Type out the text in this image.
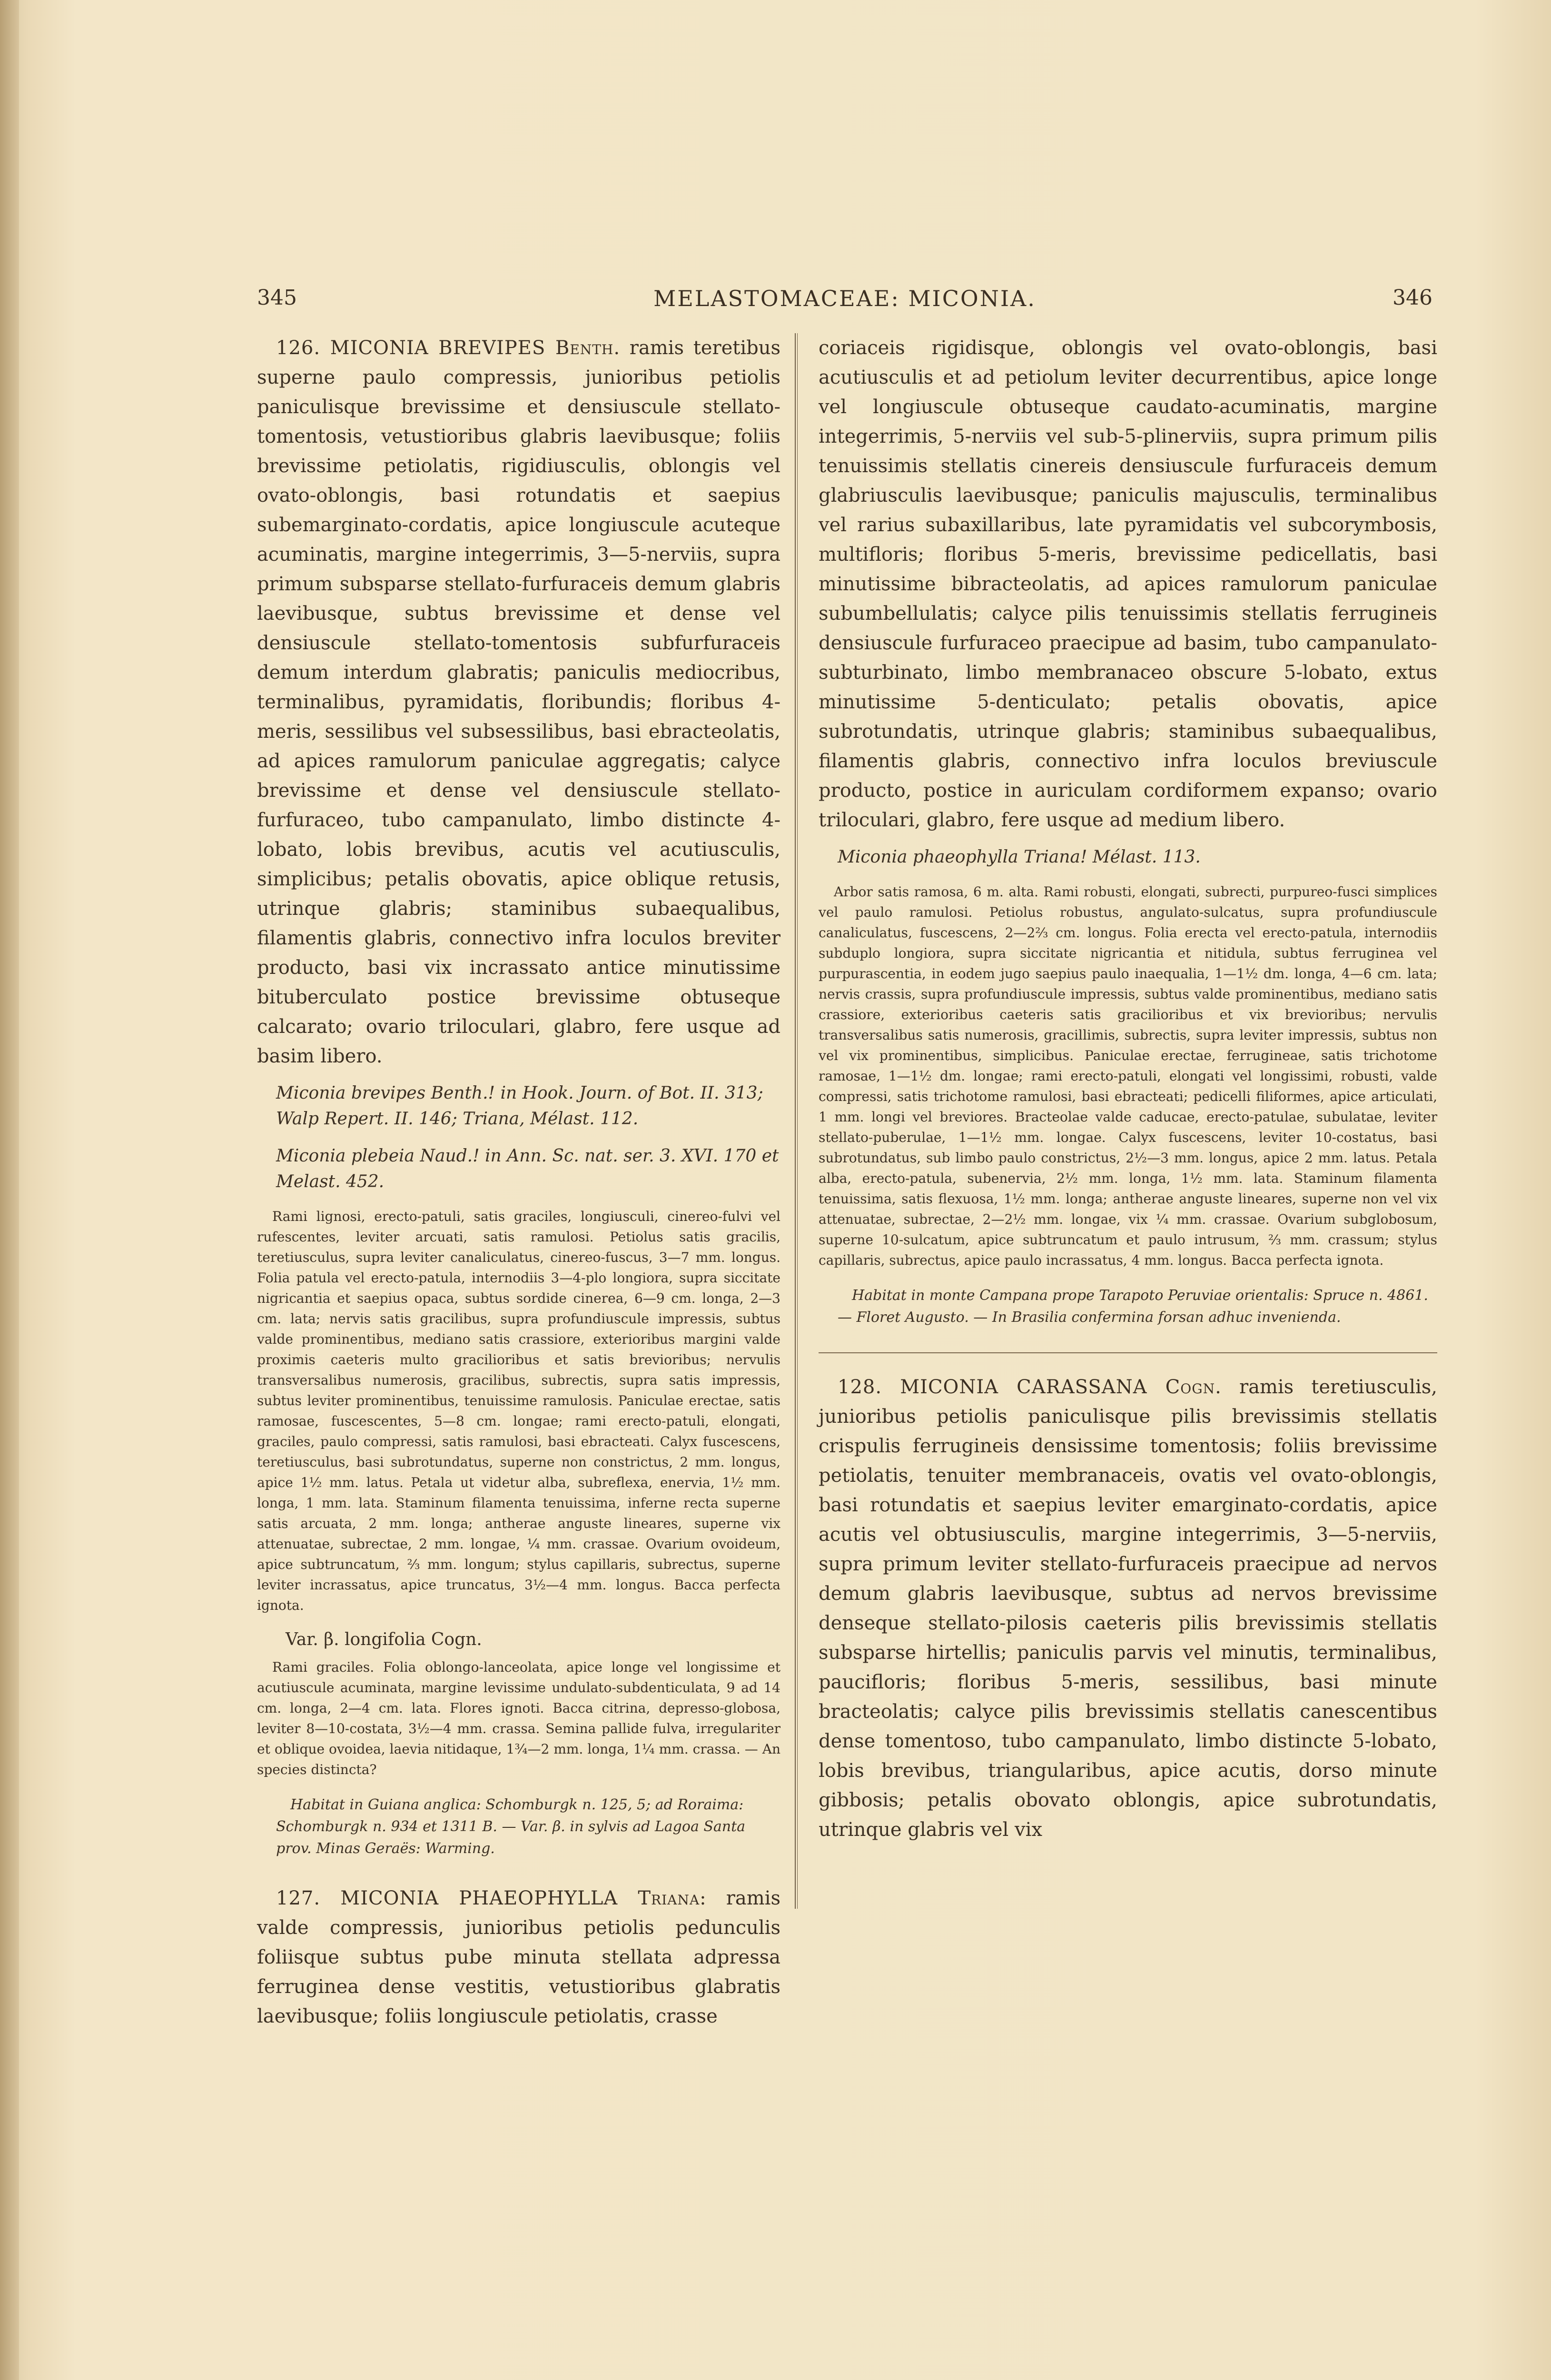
345	MELASTOMACEAE: MICONIA.	346

126. MICONIA BREVIPES Benth. ramis teretibus superne paulo compressis, junioribus petiolis paniculisque brevissime et densiuscule stellato-tomentosis, vetustioribus glabris laevibusque; foliis brevissime petiolatis, rigidiusculis, oblongis vel ovato-oblongis, basi rotundatis et saepius subemarginato-cordatis, apice longiuscule acuteque acuminatis, margine integerrimis, 3—5-nerviis, supra primum subsparse stellato-furfuraceis demum glabris laevibusque, subtus brevissime et dense vel densiuscule stellato-tomentosis subfurfuraceis demum interdum glabratis; paniculis mediocribus, terminalibus, pyramidatis, floribundis; floribus 4-meris, sessilibus vel subsessilibus, basi ebracteolatis, ad apices ramulorum paniculae aggregatis; calyce brevissime et dense vel densiuscule stellato-furfuraceo, tubo campanulato, limbo distincte 4-lobato, lobis brevibus, acutis vel acutiusculis, simplicibus; petalis obovatis, apice oblique retusis, utrinque glabris; staminibus subaequalibus, filamentis glabris, connectivo infra loculos breviter producto, basi vix incrassato antice minutissime bituberculato postice brevissime obtuseque calcarato; ovario triloculari, glabro, fere usque ad basim libero.

Miconia brevipes Benth.! in Hook. Journ. of Bot. II. 313; Walp Repert. II. 146; Triana, Mélast. 112.

Miconia plebeia Naud.! in Ann. Sc. nat. ser. 3. XVI. 170 et Melast. 452.

Rami lignosi, erecto-patuli, satis graciles, longiusculi, cinereo-fulvi vel rufescentes, leviter arcuati, satis ramulosi. Petiolus satis gracilis, teretiusculus, supra leviter canaliculatus, cinereo-fuscus, 3—7 mm. longus. Folia patula vel erecto-patula, internodiis 3—4-plo longiora, supra siccitate nigricantia et saepius opaca, subtus sordide cinerea, 6—9 cm. longa, 2—3 cm. lata; nervis satis gracilibus, supra profundiuscule impressis, subtus valde prominentibus, mediano satis crassiore, exterioribus margini valde proximis caeteris multo gracilioribus et satis brevioribus; nervulis transversalibus numerosis, gracilibus, subrectis, supra satis impressis, subtus leviter prominentibus, tenuissime ramulosis. Paniculae erectae, satis ramosae, fuscescentes, 5—8 cm. longae; rami erecto-patuli, elongati, graciles, paulo compressi, satis ramulosi, basi ebracteati. Calyx fuscescens, teretiusculus, basi subrotundatus, superne non constrictus, 2 mm. longus, apice 1½ mm. latus. Petala ut videtur alba, subreflexa, enervia, 1½ mm. longa, 1 mm. lata. Staminum filamenta tenuissima, inferne recta superne satis arcuata, 2 mm. longa; antherae anguste lineares, superne vix attenuatae, subrectae, 2 mm. longae, ¼ mm. crassae. Ovarium ovoideum, apice subtruncatum, ⅔ mm. longum; stylus capillaris, subrectus, superne leviter incrassatus, apice truncatus, 3½—4 mm. longus. Bacca perfecta ignota.

Var. β. longifolia Cogn.

Rami graciles. Folia oblongo-lanceolata, apice longe vel longissime et acutiuscule acuminata, margine levissime undulato-subdenticulata, 9 ad 14 cm. longa, 2—4 cm. lata. Flores ignoti. Bacca citrina, depresso-globosa, leviter 8—10-costata, 3½—4 mm. crassa. Semina pallide fulva, irregulariter et oblique ovoidea, laevia nitidaque, 1¾—2 mm. longa, 1¼ mm. crassa. — An species distincta?

Habitat in Guiana anglica: Schomburgk n. 125, 5; ad Roraima: Schomburgk n. 934 et 1311 B. — Var. β. in sylvis ad Lagoa Santa prov. Minas Geraës: Warming.

127. MICONIA PHAEOPHYLLA Triana: ramis valde compressis, junioribus petiolis pedunculis foliisque subtus pube minuta stellata adpressa ferruginea dense vestitis, vetustioribus glabratis laevibusque; foliis longiuscule petiolatis, crasse

coriaceis rigidisque, oblongis vel ovato-oblongis, basi acutiusculis et ad petiolum leviter decurrentibus, apice longe vel longiuscule obtuseque caudato-acuminatis, margine integerrimis, 5-nerviis vel sub-5-plinerviis, supra primum pilis tenuissimis stellatis cinereis densiuscule furfuraceis demum glabriusculis laevibusque; paniculis majusculis, terminalibus vel rarius subaxillaribus, late pyramidatis vel subcorymbosis, multifloris; floribus 5-meris, brevissime pedicellatis, basi minutissime bibracteolatis, ad apices ramulorum paniculae subumbellulatis; calyce pilis tenuissimis stellatis ferrugineis densiuscule furfuraceo praecipue ad basim, tubo campanulato-subturbinato, limbo membranaceo obscure 5-lobato, extus minutissime 5-denticulato; petalis obovatis, apice subrotundatis, utrinque glabris; staminibus subaequalibus, filamentis glabris, connectivo infra loculos breviuscule producto, postice in auriculam cordiformem expanso; ovario triloculari, glabro, fere usque ad medium libero.

Miconia phaeophylla Triana! Mélast. 113.

Arbor satis ramosa, 6 m. alta. Rami robusti, elongati, subrecti, purpureo-fusci simplices vel paulo ramulosi. Petiolus robustus, angulato-sulcatus, supra profundiuscule canaliculatus, fuscescens, 2—2⅔ cm. longus. Folia erecta vel erecto-patula, internodiis subduplo longiora, supra siccitate nigricantia et nitidula, subtus ferruginea vel purpurascentia, in eodem jugo saepius paulo inaequalia, 1—1½ dm. longa, 4—6 cm. lata; nervis crassis, supra profundiuscule impressis, subtus valde prominentibus, mediano satis crassiore, exterioribus caeteris satis gracilioribus et vix brevioribus; nervulis transversalibus satis numerosis, gracillimis, subrectis, supra leviter impressis, subtus non vel vix prominentibus, simplicibus. Paniculae erectae, ferrugineae, satis trichotome ramosae, 1—1½ dm. longae; rami erecto-patuli, elongati vel longissimi, robusti, valde compressi, satis trichotome ramulosi, basi ebracteati; pedicelli filiformes, apice articulati, 1 mm. longi vel breviores. Bracteolae valde caducae, erecto-patulae, subulatae, leviter stellato-puberulae, 1—1½ mm. longae. Calyx fuscescens, leviter 10-costatus, basi subrotundatus, sub limbo paulo constrictus, 2½—3 mm. longus, apice 2 mm. latus. Petala alba, erecto-patula, subenervia, 2½ mm. longa, 1½ mm. lata. Staminum filamenta tenuissima, satis flexuosa, 1½ mm. longa; antherae anguste lineares, superne non vel vix attenuatae, subrectae, 2—2½ mm. longae, vix ¼ mm. crassae. Ovarium subglobosum, superne 10-sulcatum, apice subtruncatum et paulo intrusum, ⅔ mm. crassum; stylus capillaris, subrectus, apice paulo incrassatus, 4 mm. longus. Bacca perfecta ignota.

Habitat in monte Campana prope Tarapoto Peruviae orientalis: Spruce n. 4861. — Floret Augusto. — In Brasilia confermina forsan adhuc invenienda.

128. MICONIA CARASSANA Cogn. ramis teretiusculis, junioribus petiolis paniculisque pilis brevissimis stellatis crispulis ferrugineis densissime tomentosis; foliis brevissime petiolatis, tenuiter membranaceis, ovatis vel ovato-oblongis, basi rotundatis et saepius leviter emarginato-cordatis, apice acutis vel obtusiusculis, margine integerrimis, 3—5-nerviis, supra primum leviter stellato-furfuraceis praecipue ad nervos demum glabris laevibusque, subtus ad nervos brevissime denseque stellato-pilosis caeteris pilis brevissimis stellatis subsparse hirtellis; paniculis parvis vel minutis, terminalibus, paucifloris; floribus 5-meris, sessilibus, basi minute bracteolatis; calyce pilis brevissimis stellatis canescentibus dense tomentoso, tubo campanulato, limbo distincte 5-lobato, lobis brevibus, triangularibus, apice acutis, dorso minute gibbosis; petalis obovato oblongis, apice subrotundatis, utrinque glabris vel vix
